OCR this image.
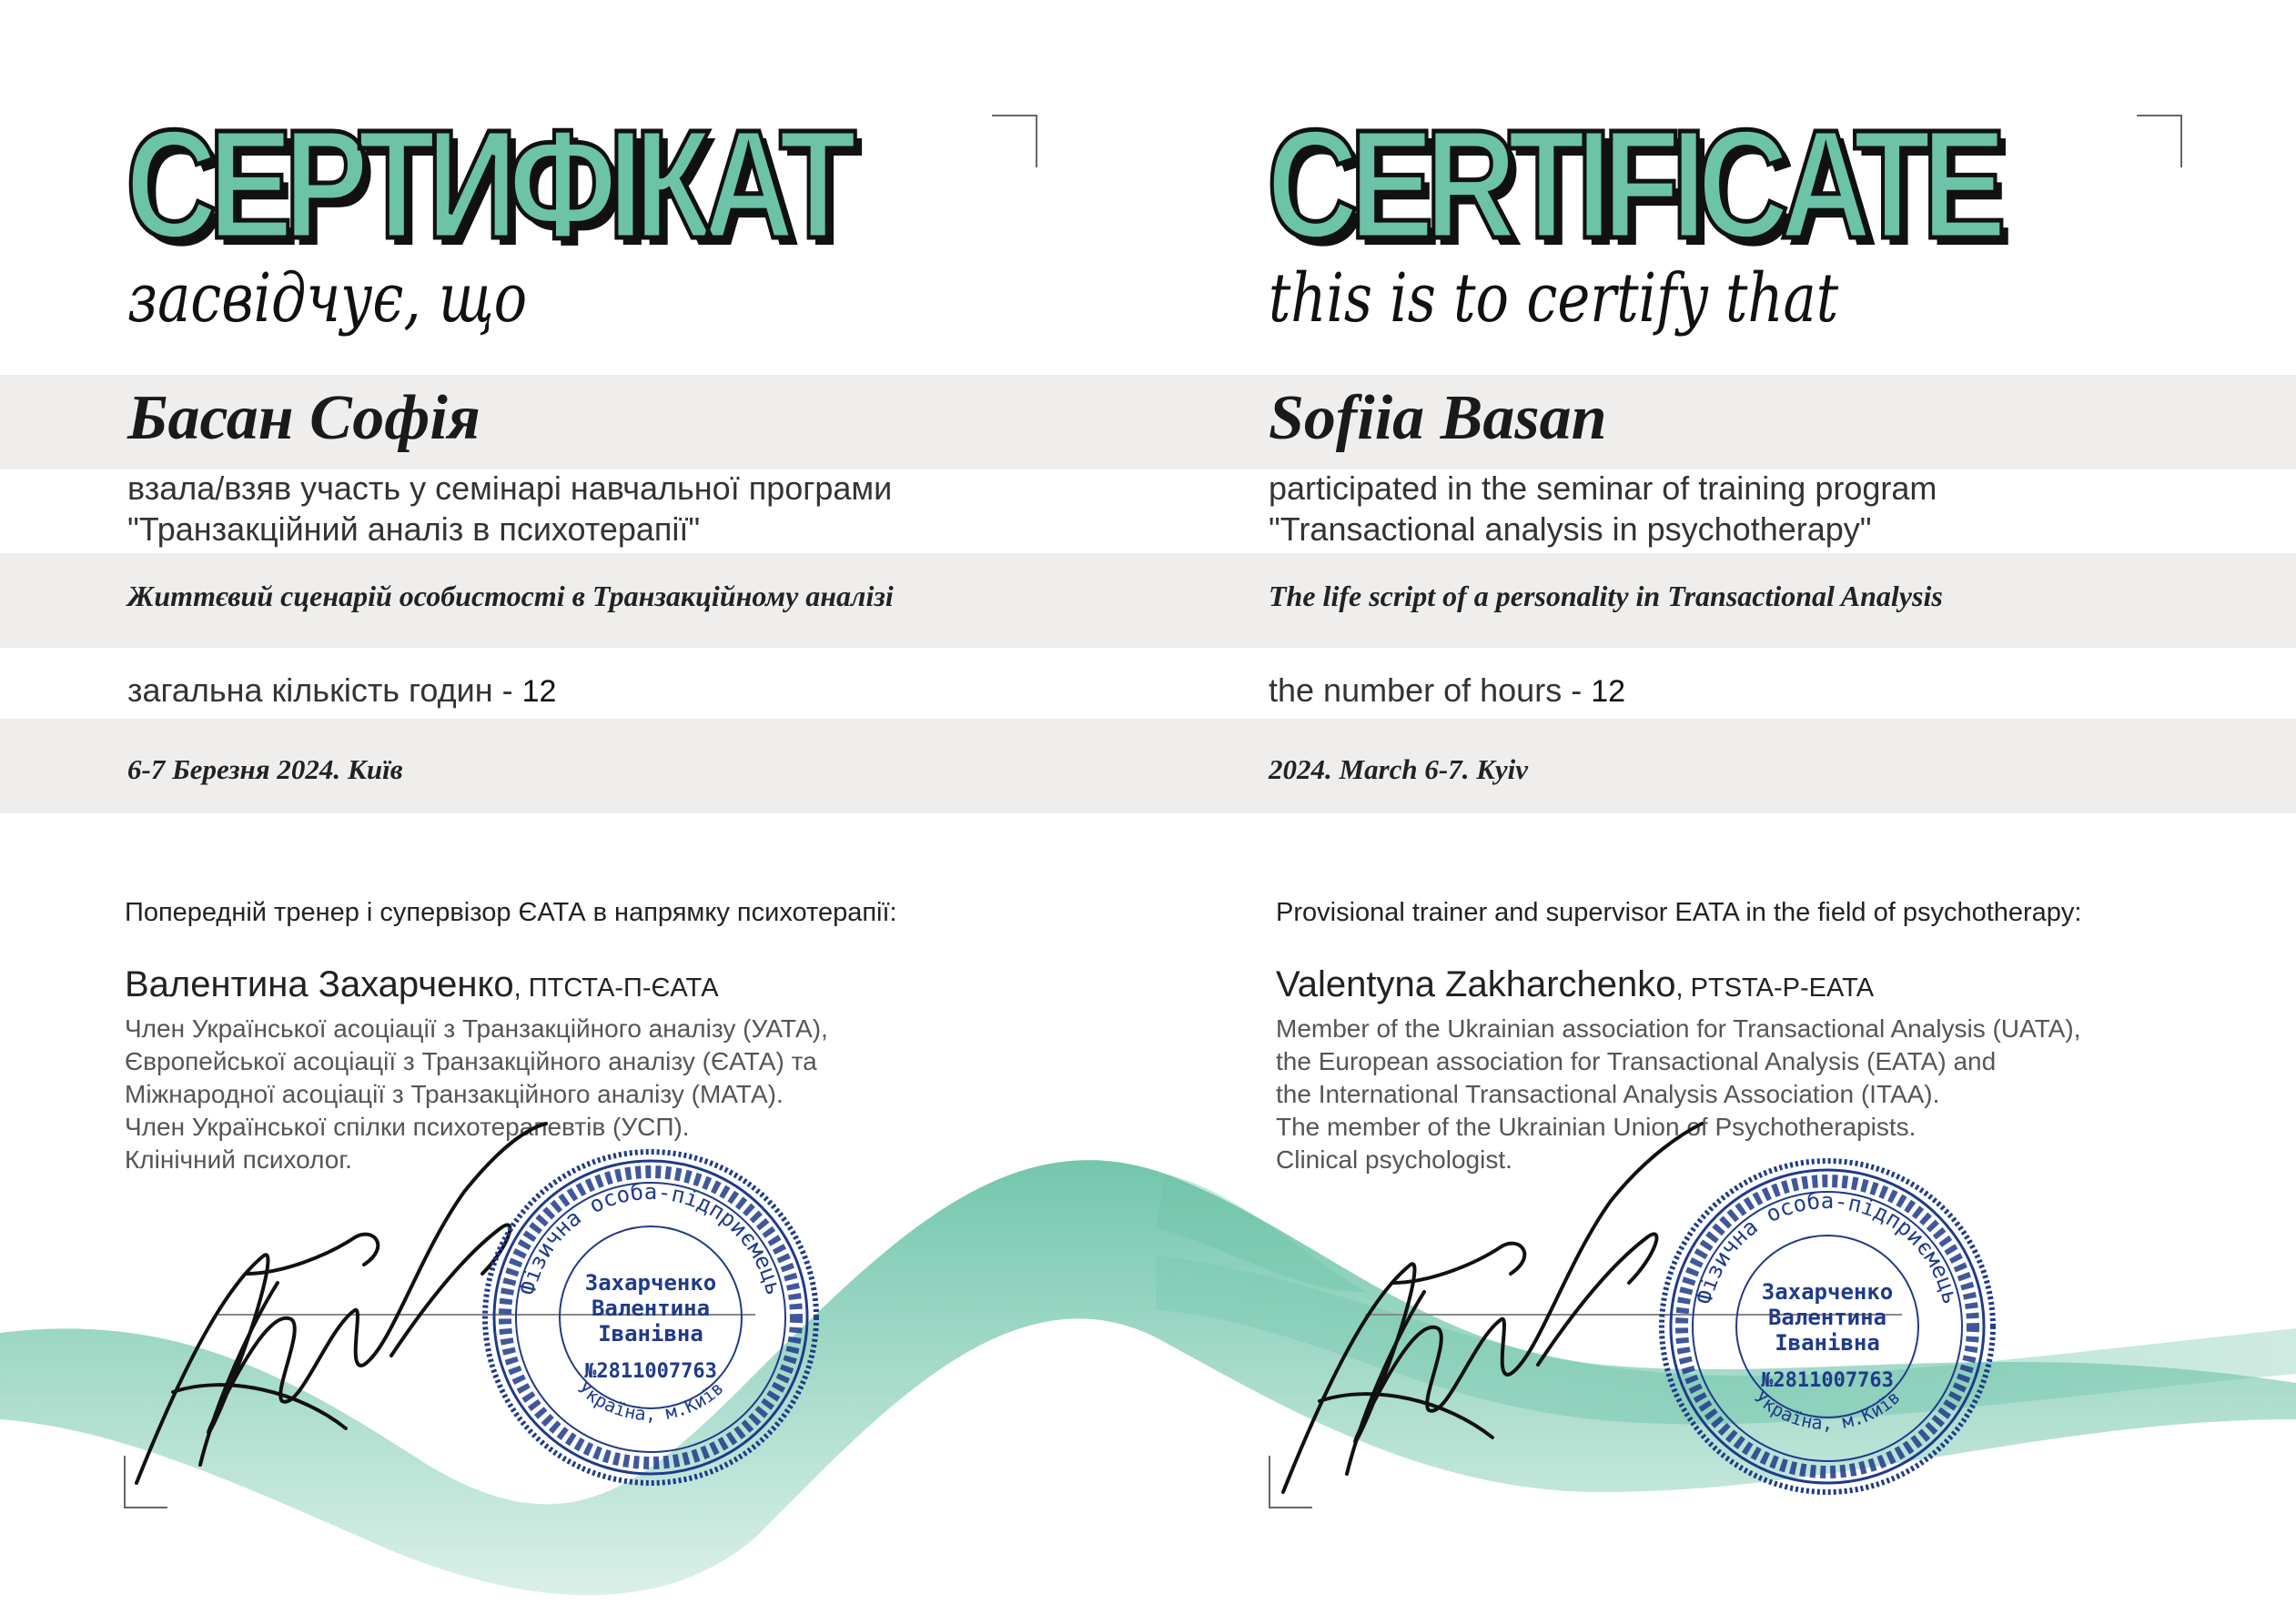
СЕРТИФІКАТ
засвідчує, що
Басан Софія
взала/взяв участь у семінарі навчальної програми
"Транзакційний аналіз в психотерапії"
Життєвий сценарій особистості в Транзакційному аналізі
загальна кількість годин - 12
6-7 Березня 2024. Київ
Попередній тренер і супервізор ЄАТА в напрямку психотерапії:
Валентина Захарченко, ПТСТА-П-ЄАТА
Член Української асоціації з Транзакційного аналізу (УАТА),
Європейської асоціації з Транзакційного аналізу (ЄАТА) та
Міжнародної асоціації з Транзакційного аналізу (МАТА).
Член Української спілки психотерапевтів (УСП).
Клінічний психолог.
CERTIFICATE
this is to certify that
Sofiia Basan
participated in the seminar of training program
"Transactional analysis in psychotherapy"
The life script of a personality in Transactional Analysis
the number of hours - 12
2024. March 6-7. Kyiv
Provisional trainer and supervisor EATA in the field of psychotherapy:
Valentyna Zakharchenko, PTSTA-P-EATA
Member of the Ukrainian association for Transactional Analysis (UATA),
the European association for Transactional Analysis (EATA) and
the International Transactional Analysis Association (ITAA).
The member of the Ukrainian Union of Psychotherapists.
Clinical psychologist.
Фізична особа-підприємець
Україна, м.Київ
Захарченко
Валентина
Іванівна
№2811007763
Фізична особа-підприємець
Україна, м.Київ
Захарченко
Валентина
Іванівна
№2811007763
